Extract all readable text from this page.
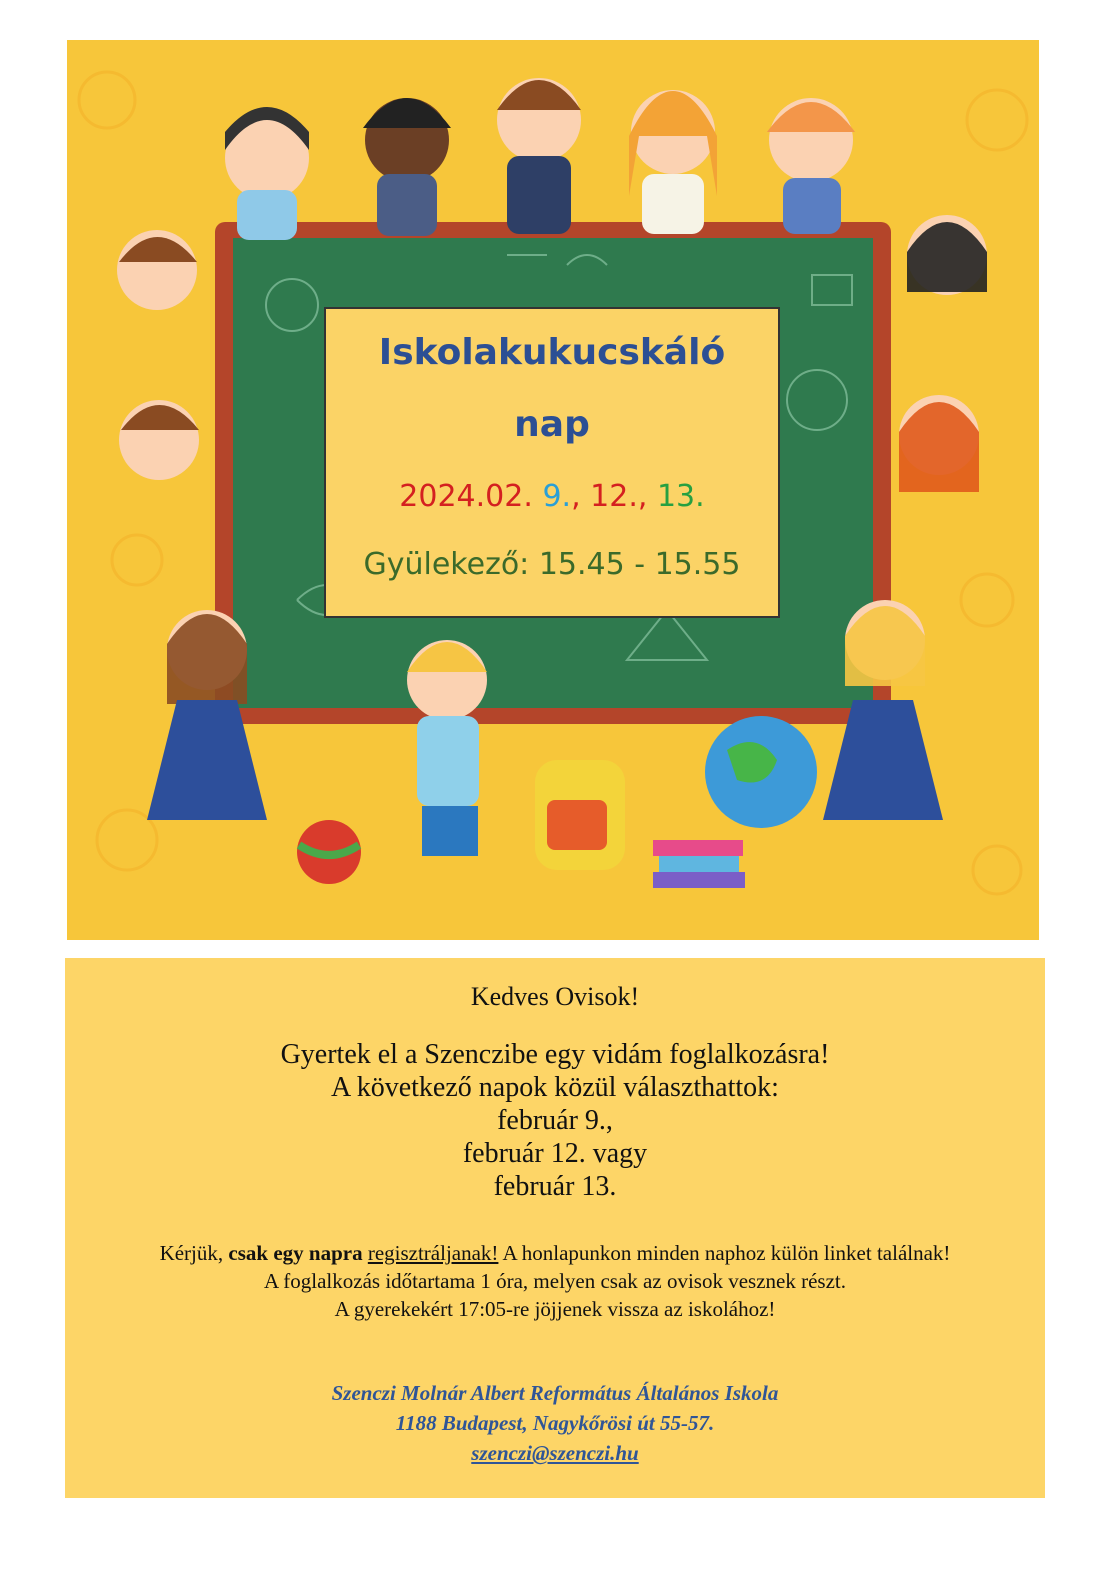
Iskolakukucskáló
nap
2024.02. 9., 12., 13.
Gyülekező: 15.45 - 15.55
Kedves Ovisok!
Gyertek el a Szenczibe egy vidám foglalkozásra!
A következő napok közül választhattok:
február 9.,
február 12. vagy
február 13.
Kérjük, csak egy napra regisztráljanak! A honlapunkon minden naphoz külön linket találnak!
A foglalkozás időtartama 1 óra, melyen csak az ovisok vesznek részt.
A gyerekekért 17:05-re jöjjenek vissza az iskolához!
Szenczi Molnár Albert Református Általános Iskola
1188 Budapest, Nagykőrösi út 55-57.
szenczi@szenczi.hu
